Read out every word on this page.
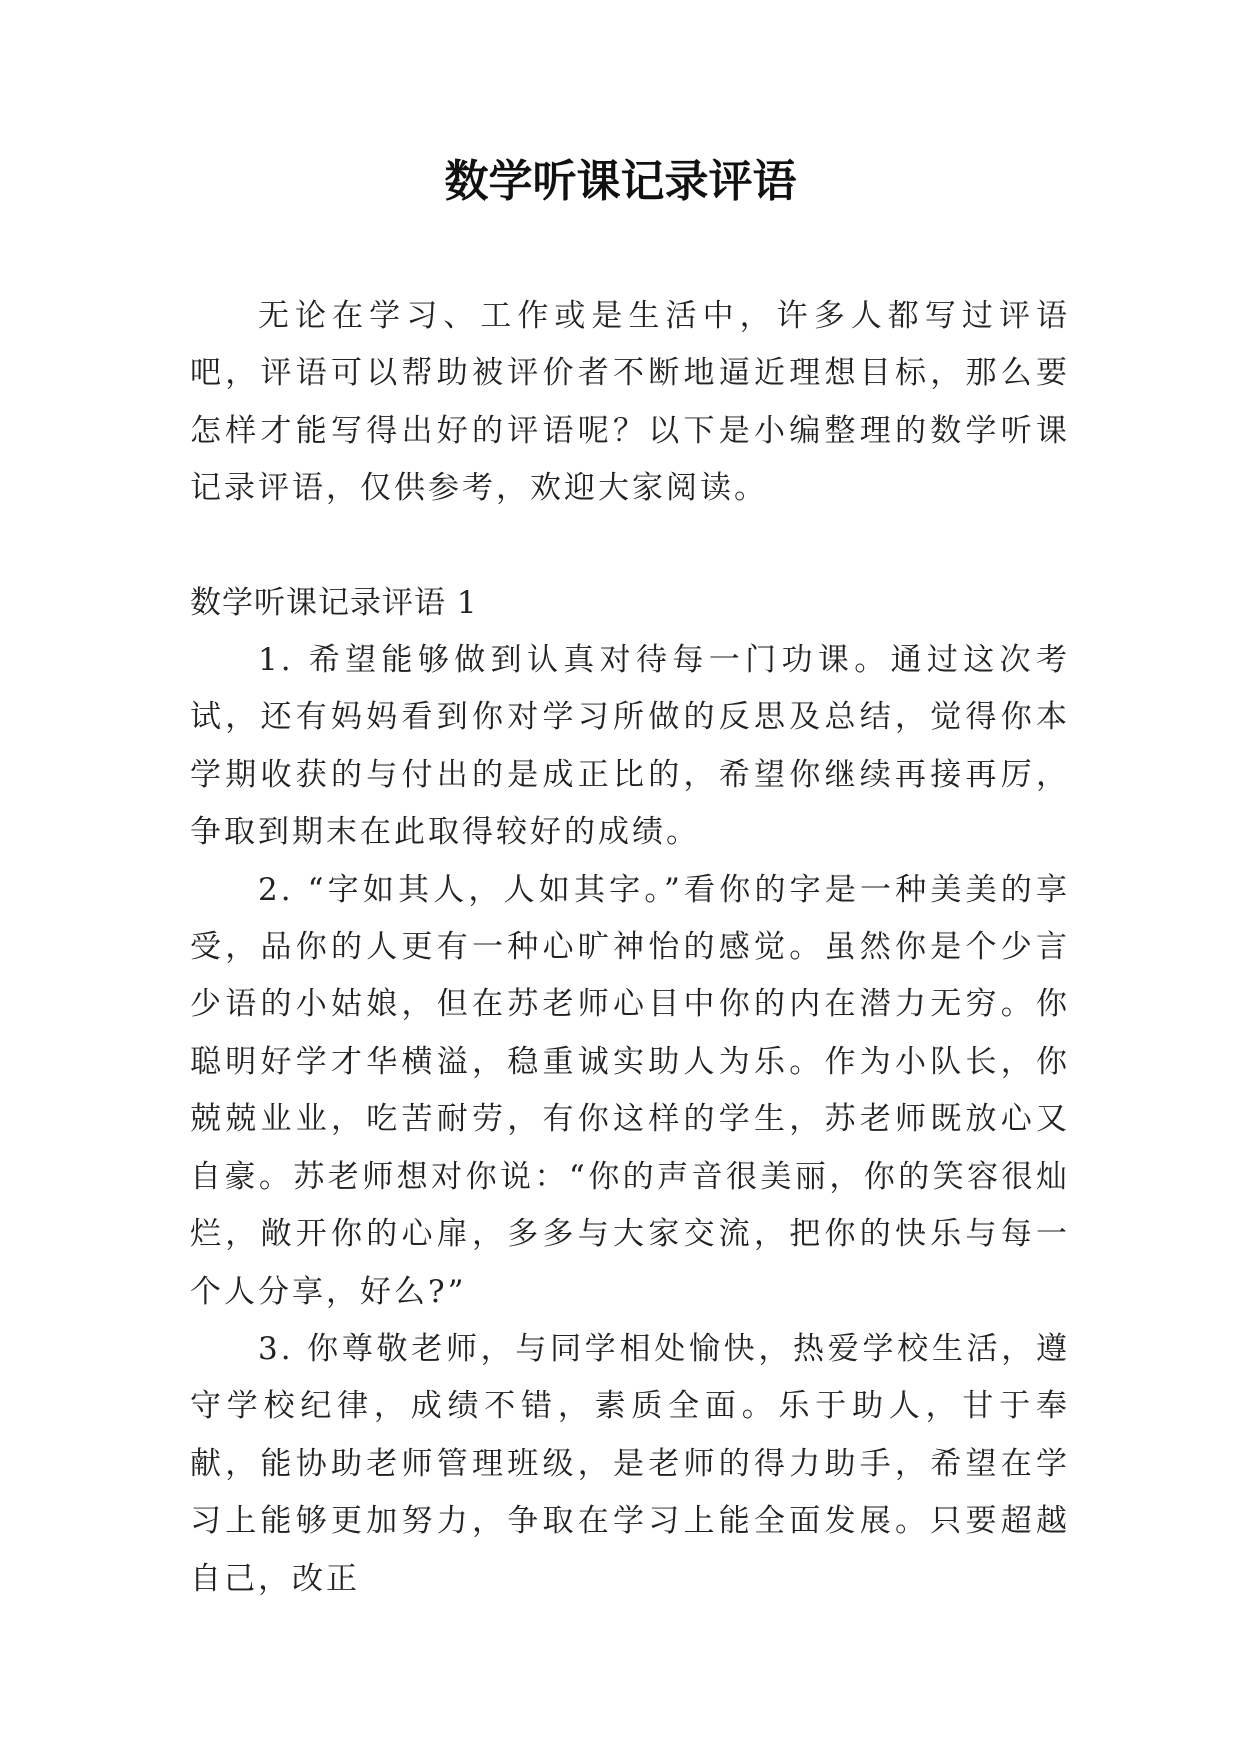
数学听课记录评语

无论在学习、工作或是生活中，许多人都写过评语吧，评语可以帮助被评价者不断地逼近理想目标，那么要怎样才能写得出好的评语呢？以下是小编整理的数学听课记录评语，仅供参考，欢迎大家阅读。

数学听课记录评语 1

1. 希望能够做到认真对待每一门功课。通过这次考试，还有妈妈看到你对学习所做的反思及总结，觉得你本学期收获的与付出的是成正比的，希望你继续再接再厉，争取到期末在此取得较好的成绩。

2. “字如其人，人如其字。”看你的字是一种美美的享受，品你的人更有一种心旷神怡的感觉。虽然你是个少言少语的小姑娘，但在苏老师心目中你的内在潜力无穷。你聪明好学才华横溢，稳重诚实助人为乐。作为小队长，你兢兢业业，吃苦耐劳，有你这样的学生，苏老师既放心又自豪。苏老师想对你说：“你的声音很美丽，你的笑容很灿烂，敞开你的心扉，多多与大家交流，把你的快乐与每一个人分享，好么?”

3. 你尊敬老师，与同学相处愉快，热爱学校生活，遵守学校纪律，成绩不错，素质全面。乐于助人，甘于奉献，能协助老师管理班级，是老师的得力助手，希望在学习上能够更加努力，争取在学习上能全面发展。只要超越自己，改正
